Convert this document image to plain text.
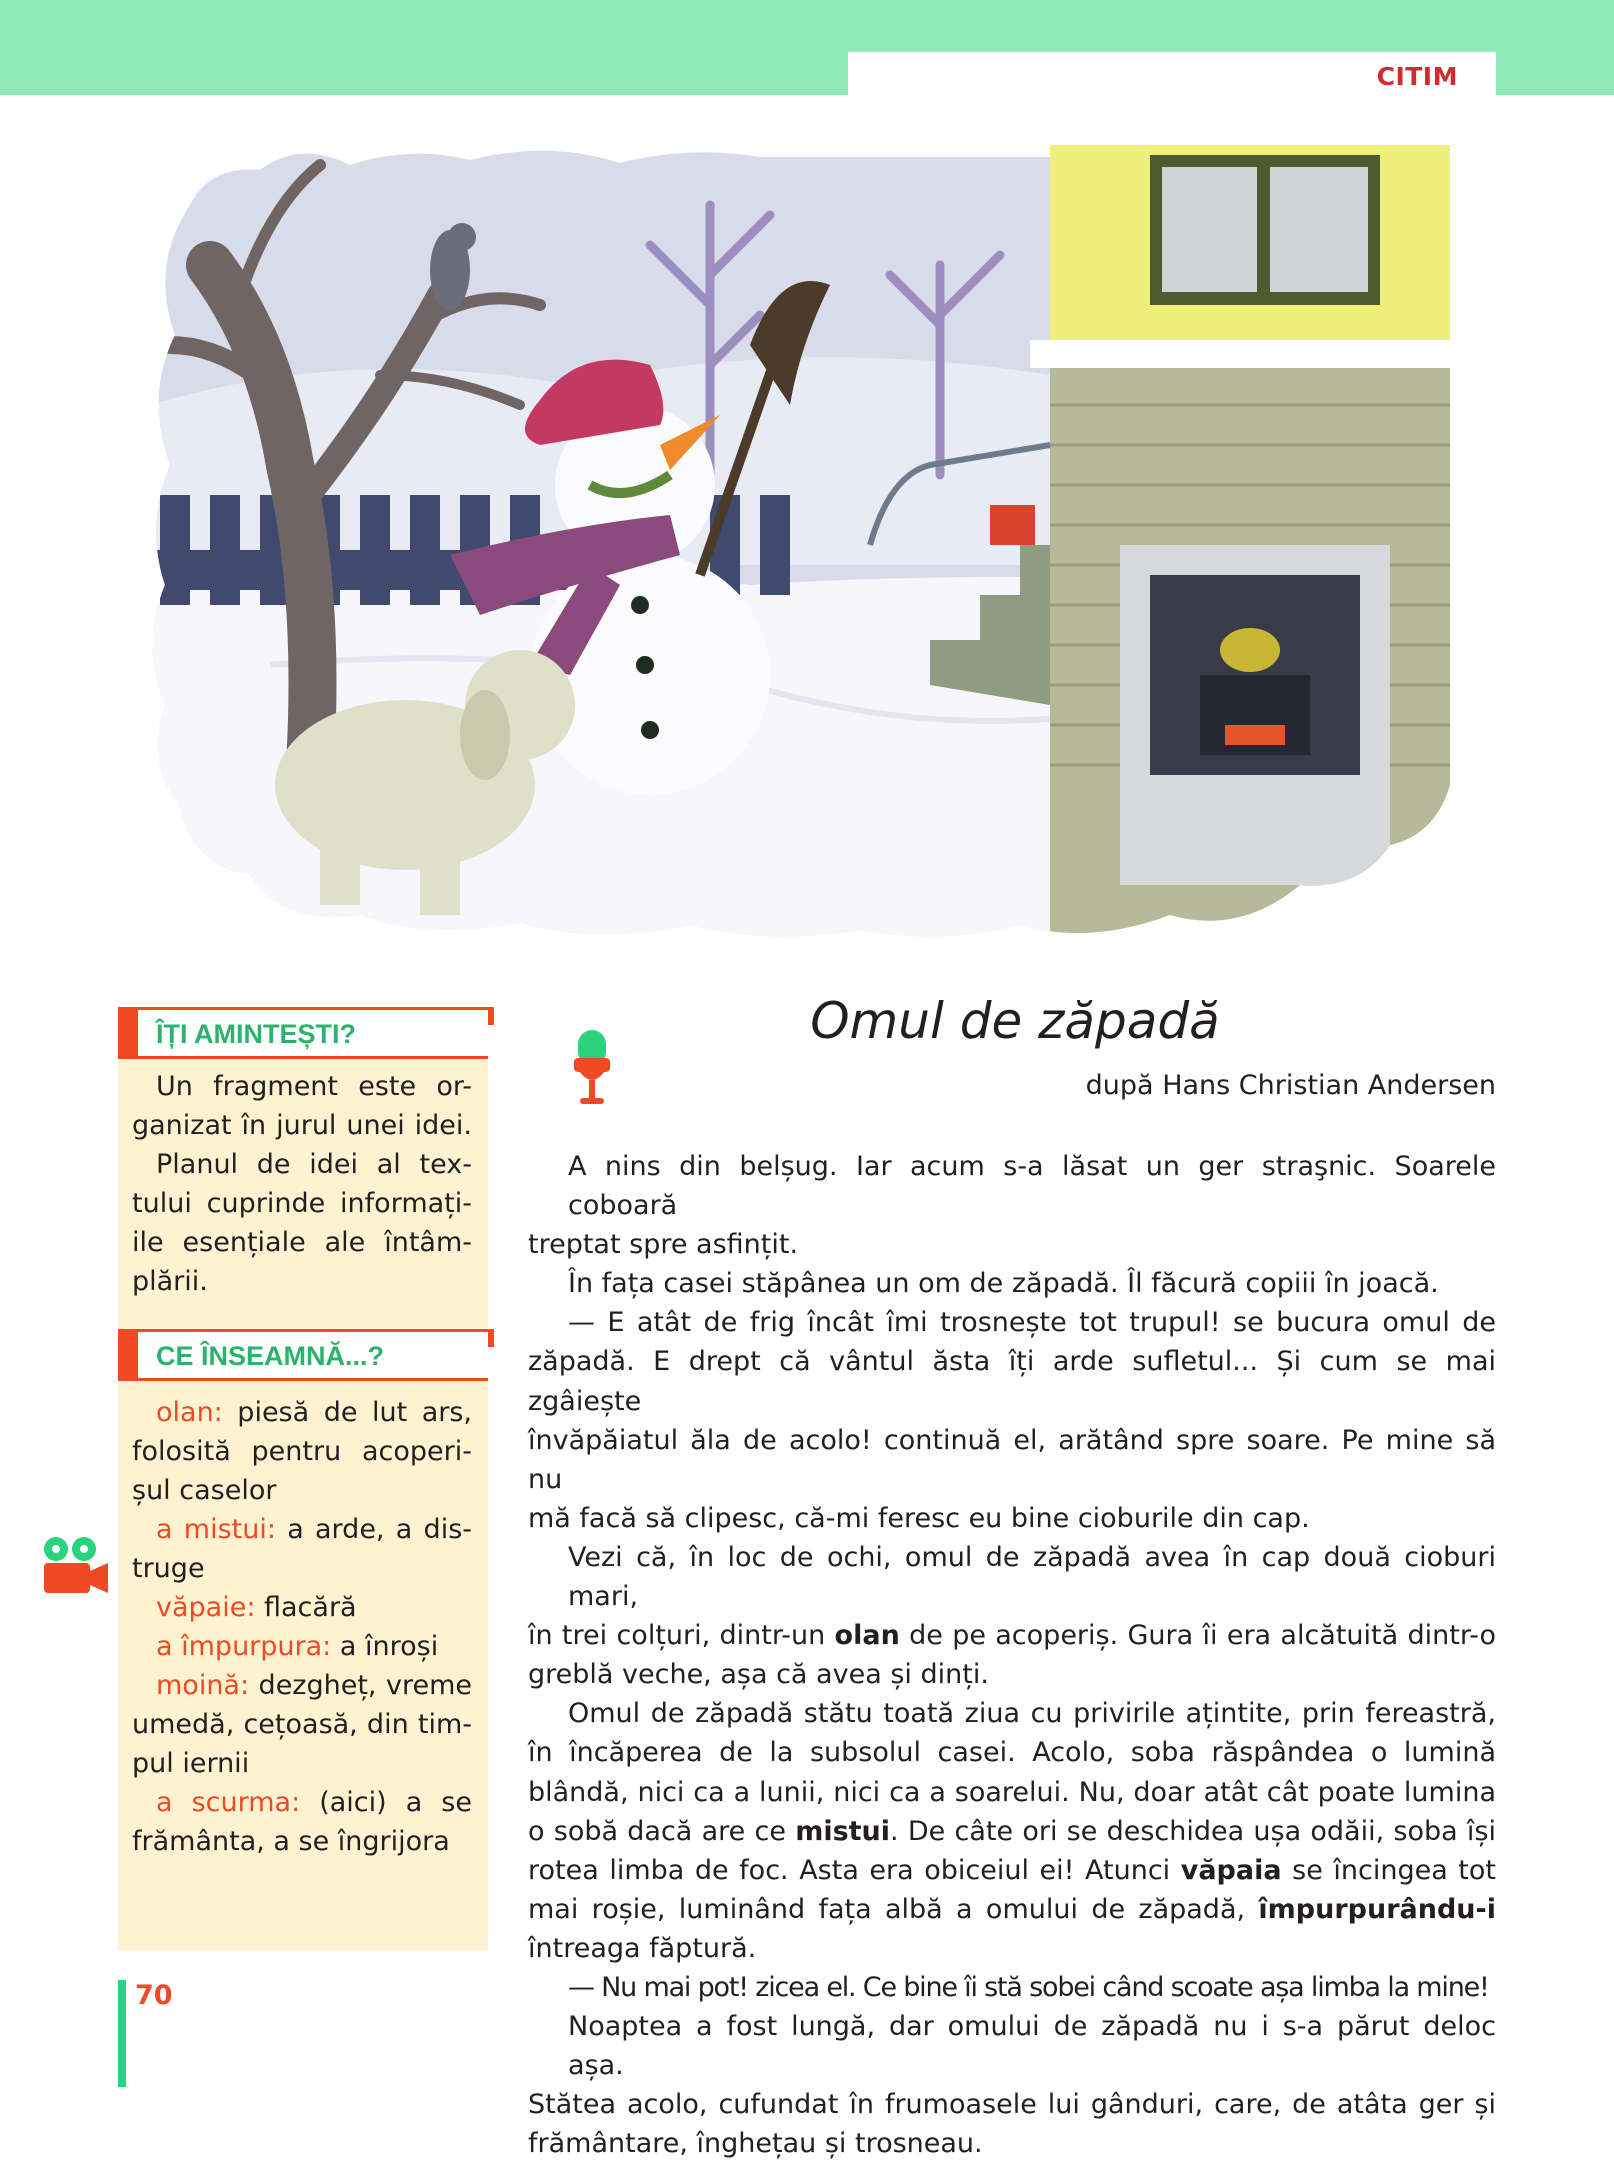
CITIM
ÎȚI AMINTEȘTI?
Un fragment este or-
ganizat în jurul unei idei.
Planul de idei al tex-
tului cuprinde informați-
ile esențiale ale întâm-
plării.
CE ÎNSEAMNĂ...?
olan: piesă de lut ars,
folosită pentru acoperi-
șul caselor
a mistui: a arde, a dis-
truge
văpaie: flacără
a împurpura: a înroși
moină: dezgheț, vreme
umedă, cețoasă, din tim-
pul iernii
a scurma: (aici) a se
frământa, a se îngrijora
Omul de zăpadă
după Hans Christian Andersen
A nins din belșug. Iar acum s-a lăsat un ger straşnic. Soarele coboară
treptat spre asfințit.
În fața casei stăpânea un om de zăpadă. Îl făcură copiii în joacă.
— E atât de frig încât îmi trosnește tot trupul! se bucura omul de
zăpadă. E drept că vântul ăsta îți arde sufletul... Și cum se mai zgâiește
învăpăiatul ăla de acolo! continuă el, arătând spre soare. Pe mine să nu
mă facă să clipesc, că-mi feresc eu bine cioburile din cap.
Vezi că, în loc de ochi, omul de zăpadă avea în cap două cioburi mari,
în trei colțuri, dintr-un olan de pe acoperiș. Gura îi era alcătuită dintr-o
greblă veche, așa că avea și dinți.
Omul de zăpadă stătu toată ziua cu privirile ațintite, prin fereastră,
în încăperea de la subsolul casei. Acolo, soba răspândea o lumină
blândă, nici ca a lunii, nici ca a soarelui. Nu, doar atât cât poate lumina
o sobă dacă are ce mistui. De câte ori se deschidea ușa odăii, soba își
rotea limba de foc. Asta era obiceiul ei! Atunci văpaia se încingea tot
mai roșie, luminând fața albă a omului de zăpadă, împurpurându-i
întreaga făptură.
— Nu mai pot! zicea el. Ce bine îi stă sobei când scoate așa limba la mine!
Noaptea a fost lungă, dar omului de zăpadă nu i s-a părut deloc așa.
Stătea acolo, cufundat în frumoasele lui gânduri, care, de atâta ger și
frământare, înghețau și trosneau.
70
